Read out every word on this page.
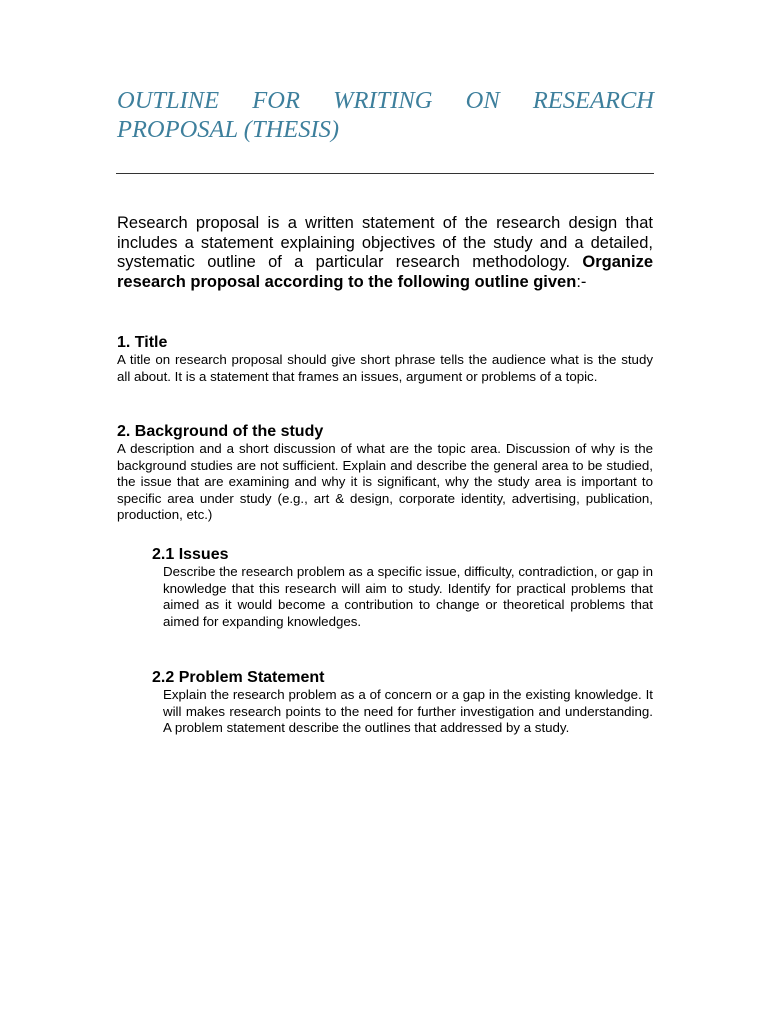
OUTLINE FOR WRITING ON RESEARCH PROPOSAL (THESIS)

Research proposal is a written statement of the research design that includes a statement explaining objectives of the study and a detailed, systematic outline of a particular research methodology. Organize research proposal according to the following outline given:-

1. Title

A title on research proposal should give short phrase tells the audience what is the study all about. It is a statement that frames an issues, argument or problems of a topic.

2. Background of the study

A description and a short discussion of what are the topic area. Discussion of why is the background studies are not sufficient. Explain and describe the general area to be studied, the issue that are examining and why it is significant, why the study area is important to specific area under study (e.g., art & design, corporate identity, advertising, publication, production, etc.)

2.1 Issues

Describe the research problem as a specific issue, difficulty, contradiction, or gap in knowledge that this research will aim to study. Identify for practical problems that aimed as it would become a contribution to change or theoretical problems that aimed for expanding knowledges.

2.2 Problem Statement

Explain the research problem as a of concern or a gap in the existing knowledge. It will makes research points to the need for further investigation and understanding. A problem statement describe the outlines that addressed by a study.
